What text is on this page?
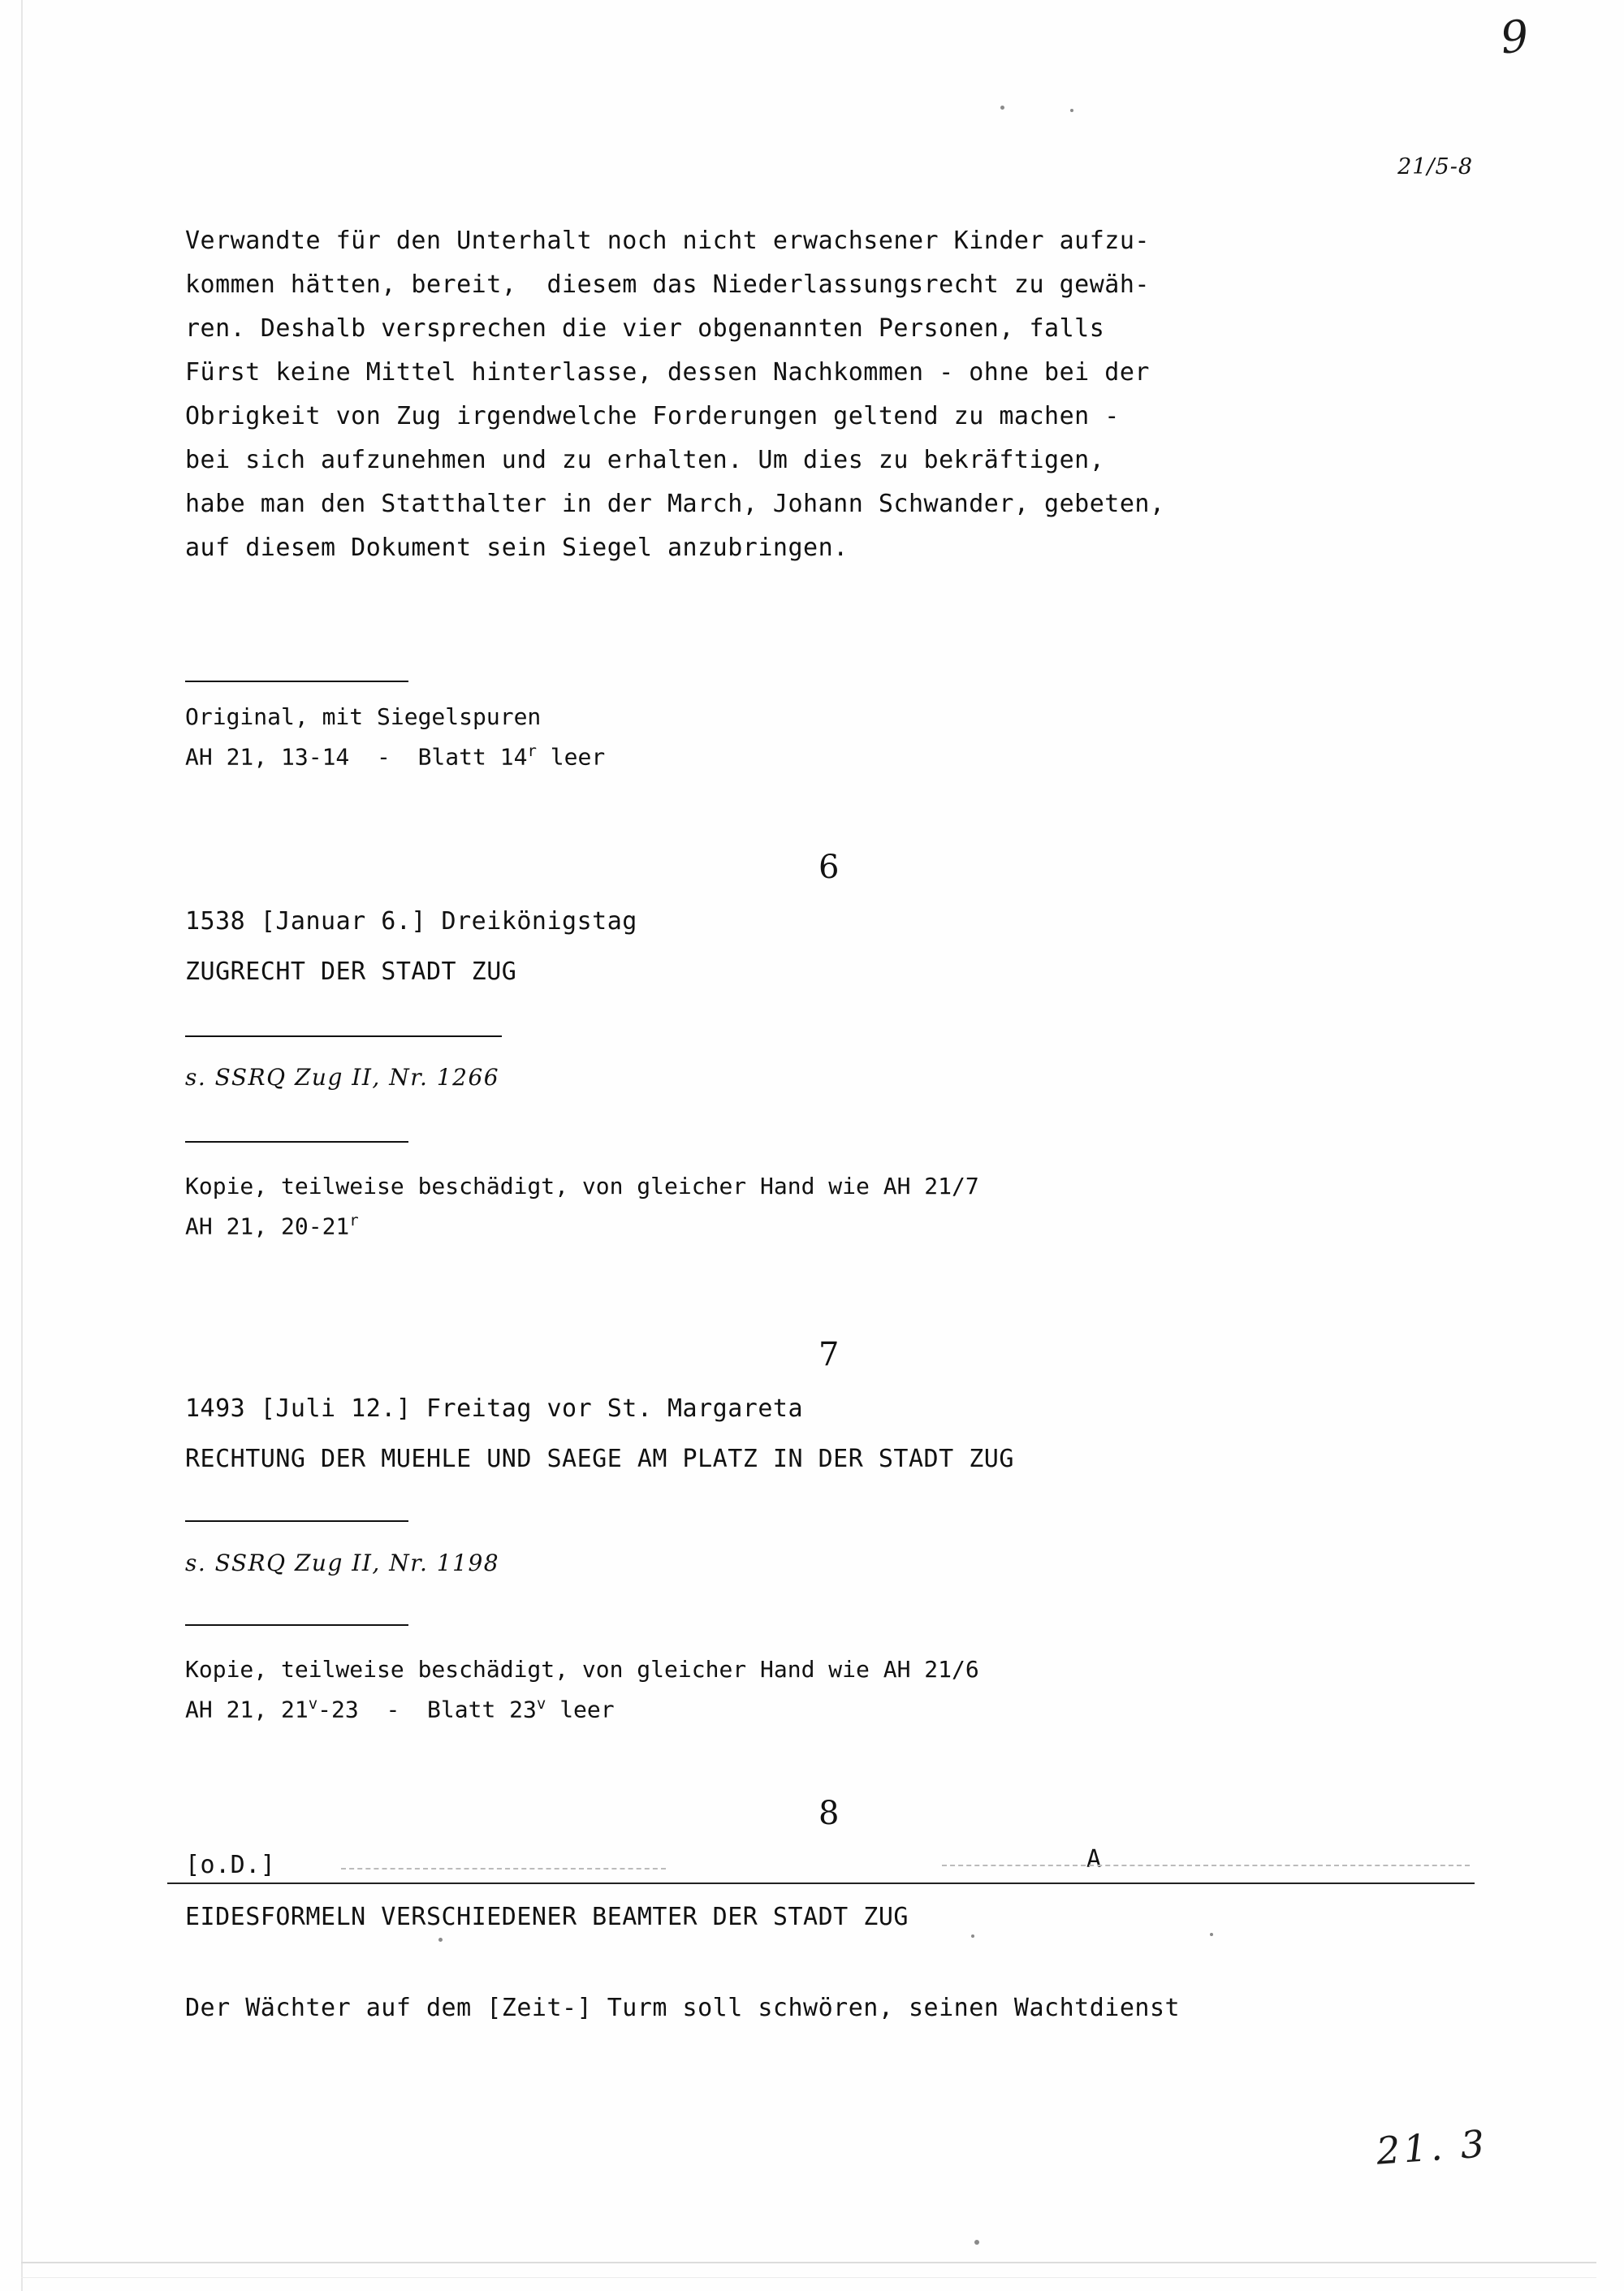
9
21/5-8

Verwandte für den Unterhalt noch nicht erwachsener Kinder aufzu-

kommen hätten, bereit,  diesem das Niederlassungsrecht zu gewäh-

ren. Deshalb versprechen die vier obgenannten Personen, falls

Fürst keine Mittel hinterlasse, dessen Nachkommen - ohne bei der

Obrigkeit von Zug irgendwelche Forderungen geltend zu machen -

bei sich aufzunehmen und zu erhalten. Um dies zu bekräftigen,

habe man den Statthalter in der March, Johann Schwander, gebeten,

auf diesem Dokument sein Siegel anzubringen.

Original, mit Siegelspuren
AH 21, 13-14  -  Blatt 14$^r$ leer
6
1538 [Januar 6.] Dreikönigstag
ZUGRECHT DER STADT ZUG
s. SSRQ Zug II, Nr. 1266
Kopie, teilweise beschädigt, von gleicher Hand wie AH 21/7
AH 21, 20-21$^r$
7
1493 [Juli 12.] Freitag vor St. Margareta
RECHTUNG DER MUEHLE UND SAEGE AM PLATZ IN DER STADT ZUG
s. SSRQ Zug II, Nr. 1198
Kopie, teilweise beschädigt, von gleicher Hand wie AH 21/6
AH 21, 21$^v$-23  -  Blatt 23$^v$ leer
8
[o.D.]	A
EIDESFORMELN VERSCHIEDENER BEAMTER DER STADT ZUG
Der Wächter auf dem [Zeit-] Turm soll schwören, seinen Wachtdienst
21. 3
